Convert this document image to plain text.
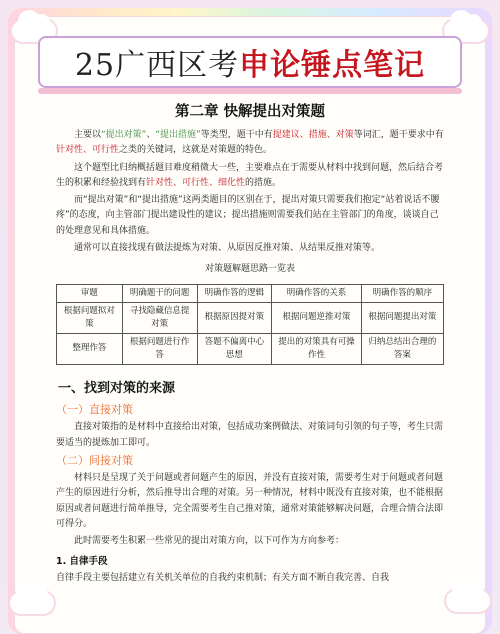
25广西区考申论锤点笔记
第二章 快解提出对策题

主要以“提出对策”、“提出措施”等类型，题干中有提建议、措施、对策等词汇，题干要求中有针对性、可行性之类的关键词，这就是对策题的特色。

这个题型比归纳概括题目难度稍微大一些，主要难点在于需要从材料中找到问题，然后结合考生的积累和经验找到有针对性、可行性、细化性的措施。

而“提出对策”和“提出措施”这两类题目的区别在于，提出对策只需要我们抱定“站着说话不腰疼”的态度，向主管部门提出建设性的建议；提出措施则需要我们站在主管部门的角度，谈谈自己的处理意见和具体措施。

通常可以直接找现有做法提炼为对策、从原因反推对策、从结果反推对策等。

对策题解题思路一览表
审题	明确题干的问题	明确作答的逻辑	明确作答的关系	明确作答的顺序
根据问题拟对策	寻找隐藏信息提对策	根据原因提对策	根据问题逆推对策	根据问题提出对策
整理作答	根据问题进行作答	答题不偏离中心思想	提出的对策具有可操作性	归纳总结出合理的答案
一、找到对策的来源
（一）直接对策

直接对策指的是材料中直接给出对策，包括成功案例做法、对策词句引领的句子等，考生只需要适当的提炼加工即可。

（二）间接对策

材料只是呈现了关于问题或者问题产生的原因，并没有直接对策，需要考生对于问题或者问题产生的原因进行分析，然后推导出合理的对策。另一种情况，材料中既没有直接对策，也不能根据原因或者问题进行简单推导，完全需要考生自己推对策，通常对策能够解决问题，合理合情合法即可得分。

此时需要考生积累一些常见的提出对策方向，以下可作为方向参考：

1. 自律手段

自律手段主要包括建立有关机关单位的自我约束机制；有关方面不断自我完善、自我
